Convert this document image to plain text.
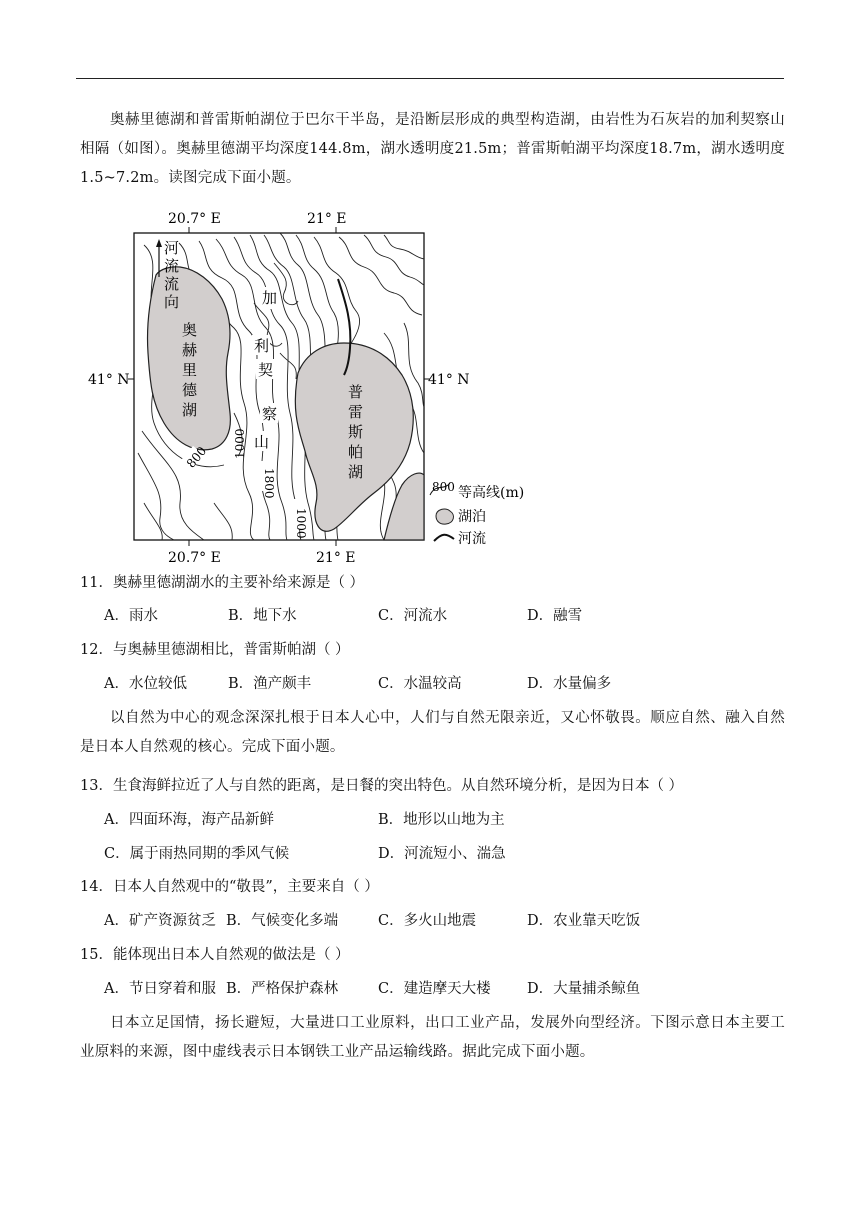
奥赫里德湖和普雷斯帕湖位于巴尔干半岛，是沿断层形成的典型构造湖，由岩性为石灰岩的加利契察山相隔（如图）。奥赫里德湖平均深度144.8m，湖水透明度21.5m；普雷斯帕湖平均深度18.7m，湖水透明度1.5~7.2m。读图完成下面小题。
20.7° E	21° E
河流流向
奥赫里德湖
普雷斯帕湖
加
利
契
察
山
800 1000
1800
1000
41° N	41° N
20.7° E	21° E
800 等高线(m)
湖泊
河流
11．奥赫里德湖湖水的主要补给来源是（ ）
A．雨水	B．地下水	C．河流水	D．融雪
12．与奥赫里德湖相比，普雷斯帕湖（ ）
A．水位较低	B．渔产颇丰	C．水温较高	D．水量偏多
以自然为中心的观念深深扎根于日本人心中，人们与自然无限亲近，又心怀敬畏。顺应自然、融入自然是日本人自然观的核心。完成下面小题。
13．生食海鲜拉近了人与自然的距离，是日餐的突出特色。从自然环境分析，是因为日本（ ）
A．四面环海，海产品新鲜	B．地形以山地为主
C．属于雨热同期的季风气候	D．河流短小、湍急
14．日本人自然观中的“敬畏”，主要来自（ ）
A．矿产资源贫乏 B．气候变化多端	C．多火山地震	D．农业靠天吃饭
15．能体现出日本人自然观的做法是（ ）
A．节日穿着和服 B．严格保护森林	C．建造摩天大楼	D．大量捕杀鲸鱼
日本立足国情，扬长避短，大量进口工业原料，出口工业产品，发展外向型经济。下图示意日本主要工业原料的来源，图中虚线表示日本钢铁工业产品运输线路。据此完成下面小题。
